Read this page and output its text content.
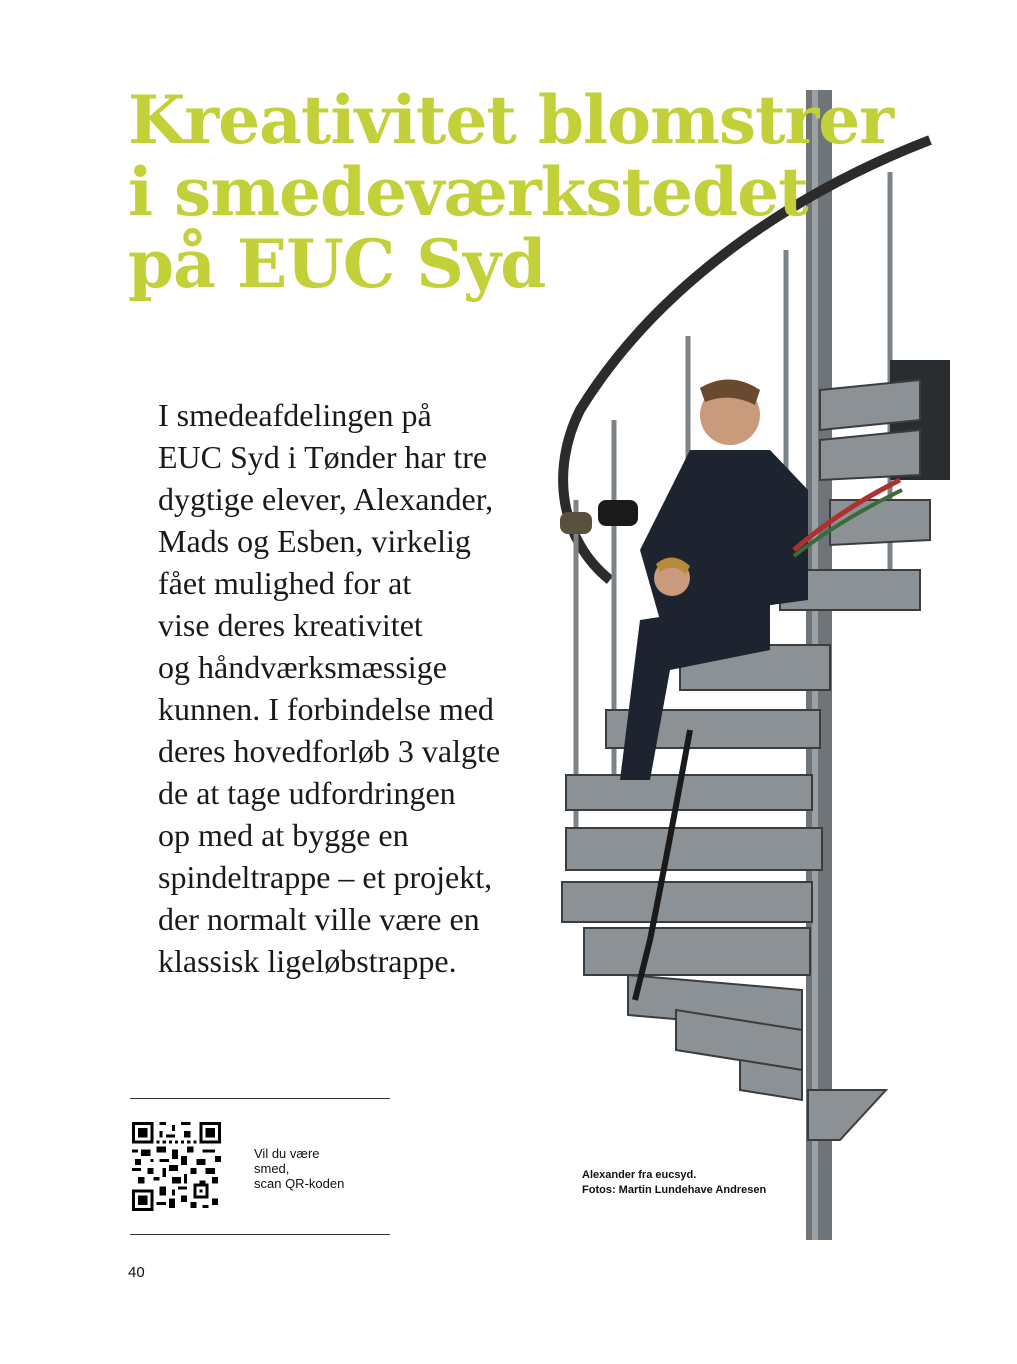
Kreativitet blomstrer
i smedeværkstedet
på EUC Syd
I smedeafdelingen på
EUC Syd i Tønder har tre
dygtige elever, Alexander,
Mads og Esben, virkelig
fået mulighed for at
vise deres kreativitet
og håndværksmæssige
kunnen. I forbindelse med
deres hovedforløb 3 valgte
de at tage udfordringen
op med at bygge en
spindeltrappe – et projekt,
der normalt ville være en
klassisk ligeløbstrappe.
Vil du være
smed,
scan QR-koden
Alexander fra eucsyd.
Fotos: Martin Lundehave Andresen
40
